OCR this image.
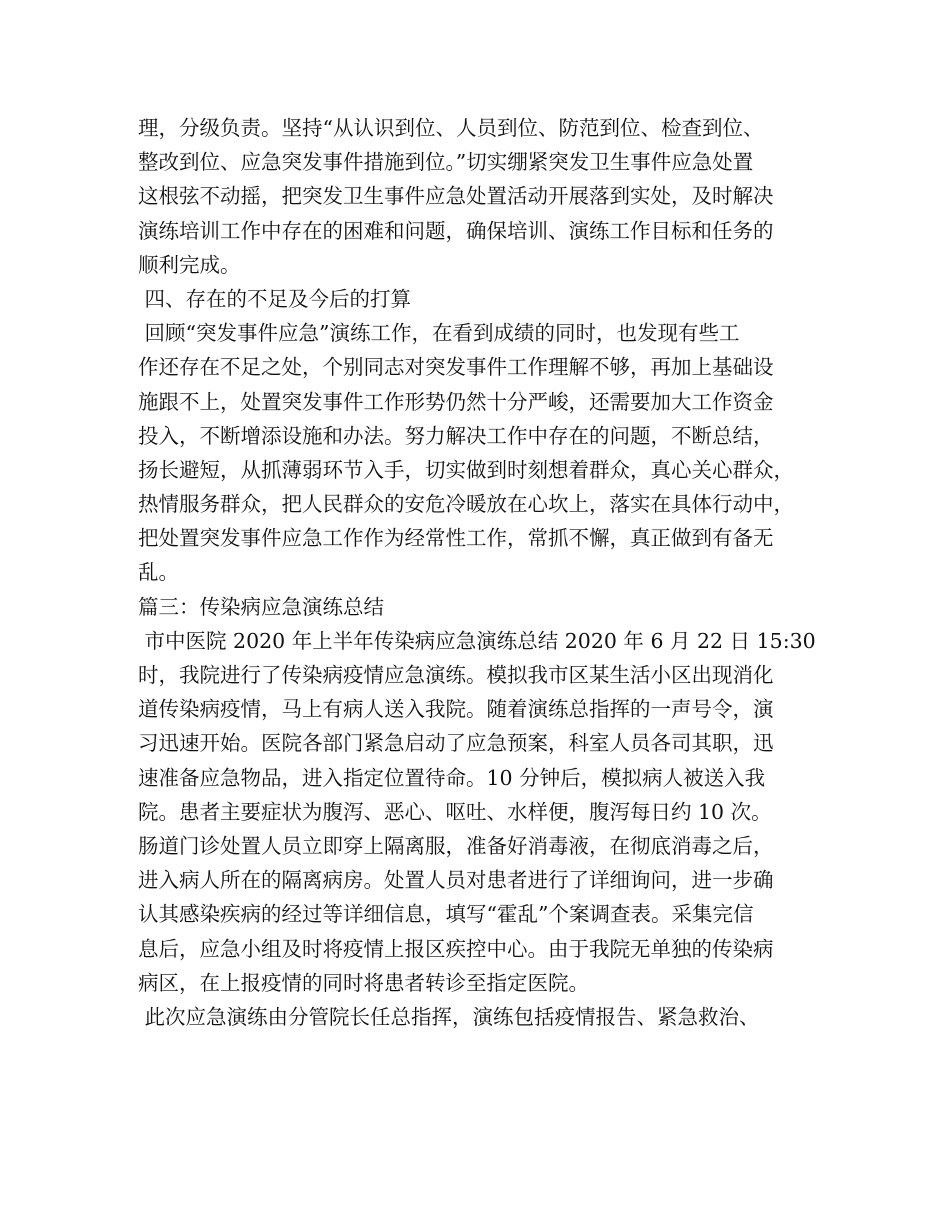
理，分级负责。坚持“从认识到位、人员到位、防范到位、检查到位、
整改到位、应急突发事件措施到位。”切实绷紧突发卫生事件应急处置
这根弦不动摇，把突发卫生事件应急处置活动开展落到实处，及时解决
演练培训工作中存在的困难和问题，确保培训、演练工作目标和任务的
顺利完成。
四、存在的不足及今后的打算
回顾“突发事件应急”演练工作，在看到成绩的同时，也发现有些工
作还存在不足之处，个别同志对突发事件工作理解不够，再加上基础设
施跟不上，处置突发事件工作形势仍然十分严峻，还需要加大工作资金
投入，不断增添设施和办法。努力解决工作中存在的问题，不断总结，
扬长避短，从抓薄弱环节入手，切实做到时刻想着群众，真心关心群众，
热情服务群众，把人民群众的安危冷暖放在心坎上，落实在具体行动中，
把处置突发事件应急工作作为经常性工作，常抓不懈，真正做到有备无
乱。
篇三：传染病应急演练总结
市中医院 2020 年上半年传染病应急演练总结 2020 年 6 月 22 日 15:30
时，我院进行了传染病疫情应急演练。模拟我市区某生活小区出现消化
道传染病疫情，马上有病人送入我院。随着演练总指挥的一声号令，演
习迅速开始。医院各部门紧急启动了应急预案，科室人员各司其职，迅
速准备应急物品，进入指定位置待命。10 分钟后，模拟病人被送入我
院。患者主要症状为腹泻、恶心、呕吐、水样便，腹泻每日约 10 次。
肠道门诊处置人员立即穿上隔离服，准备好消毒液，在彻底消毒之后，
进入病人所在的隔离病房。处置人员对患者进行了详细询问，进一步确
认其感染疾病的经过等详细信息，填写“霍乱”个案调查表。采集完信
息后，应急小组及时将疫情上报区疾控中心。由于我院无单独的传染病
病区，在上报疫情的同时将患者转诊至指定医院。
此次应急演练由分管院长任总指挥，演练包括疫情报告、紧急救治、
